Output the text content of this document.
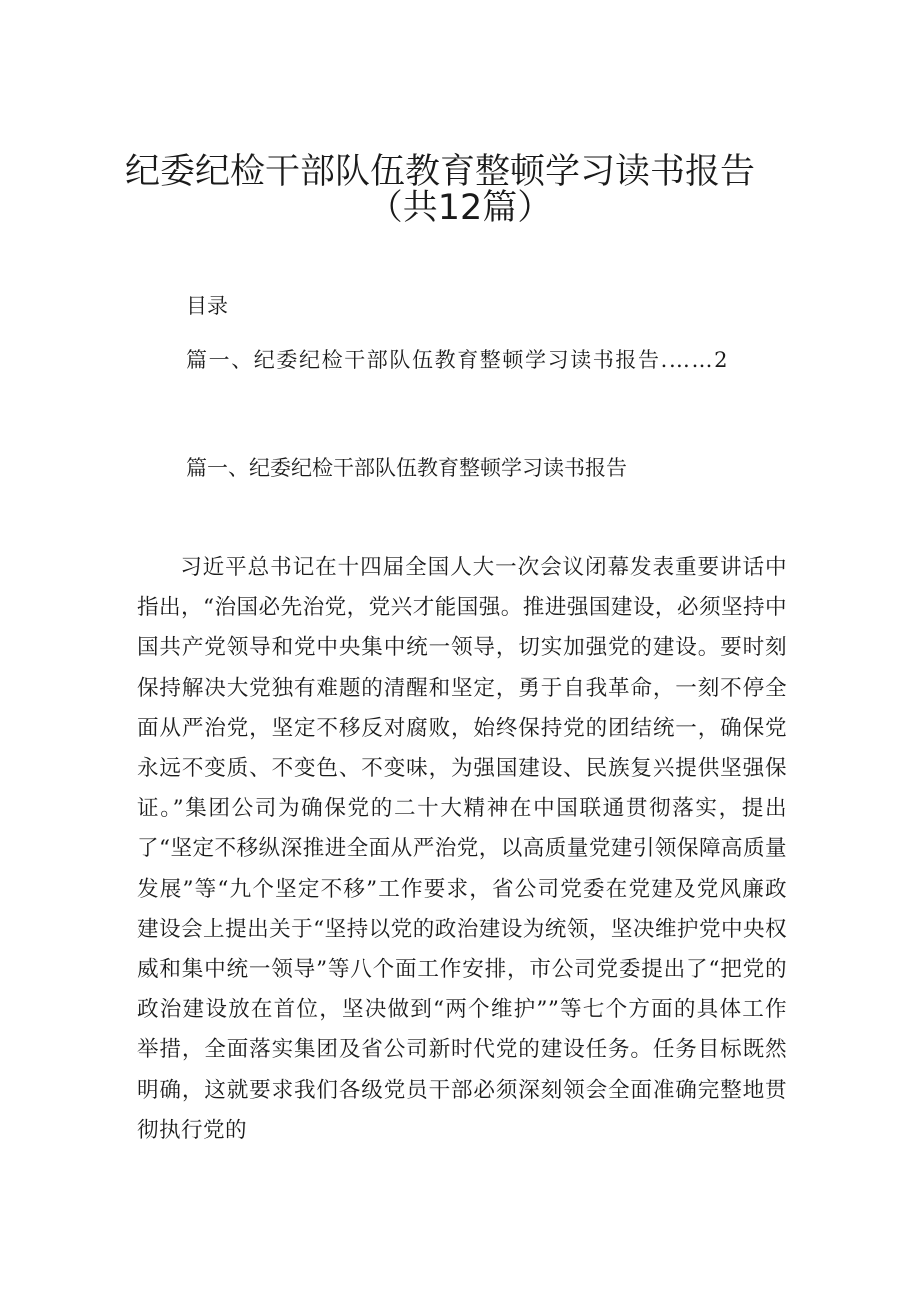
纪委纪检干部队伍教育整顿学习读书报告
（共12篇）
目录
篇一、纪委纪检干部队伍教育整顿学习读书报告.……2
篇一、纪委纪检干部队伍教育整顿学习读书报告
习近平总书记在十四届全国人大一次会议闭幕发表重要讲话中指出，“治国必先治党，党兴才能国强。推进强国建设，必须坚持中国共产党领导和党中央集中统一领导，切实加强党的建设。要时刻保持解决大党独有难题的清醒和坚定，勇于自我革命，一刻不停全面从严治党，坚定不移反对腐败，始终保持党的团结统一，确保党永远不变质、不变色、不变味，为强国建设、民族复兴提供坚强保证。”集团公司为确保党的二十大精神在中国联通贯彻落实，提出了“坚定不移纵深推进全面从严治党，以高质量党建引领保障高质量发展”等“九个坚定不移”工作要求，省公司党委在党建及党风廉政建设会上提出关于“坚持以党的政治建设为统领，坚决维护党中央权威和集中统一领导”等八个面工作安排，市公司党委提出了“把党的政治建设放在首位，坚决做到“两个维护””等七个方面的具体工作举措，全面落实集团及省公司新时代党的建设任务。任务目标既然明确，这就要求我们各级党员干部必须深刻领会全面准确完整地贯彻执行党的
